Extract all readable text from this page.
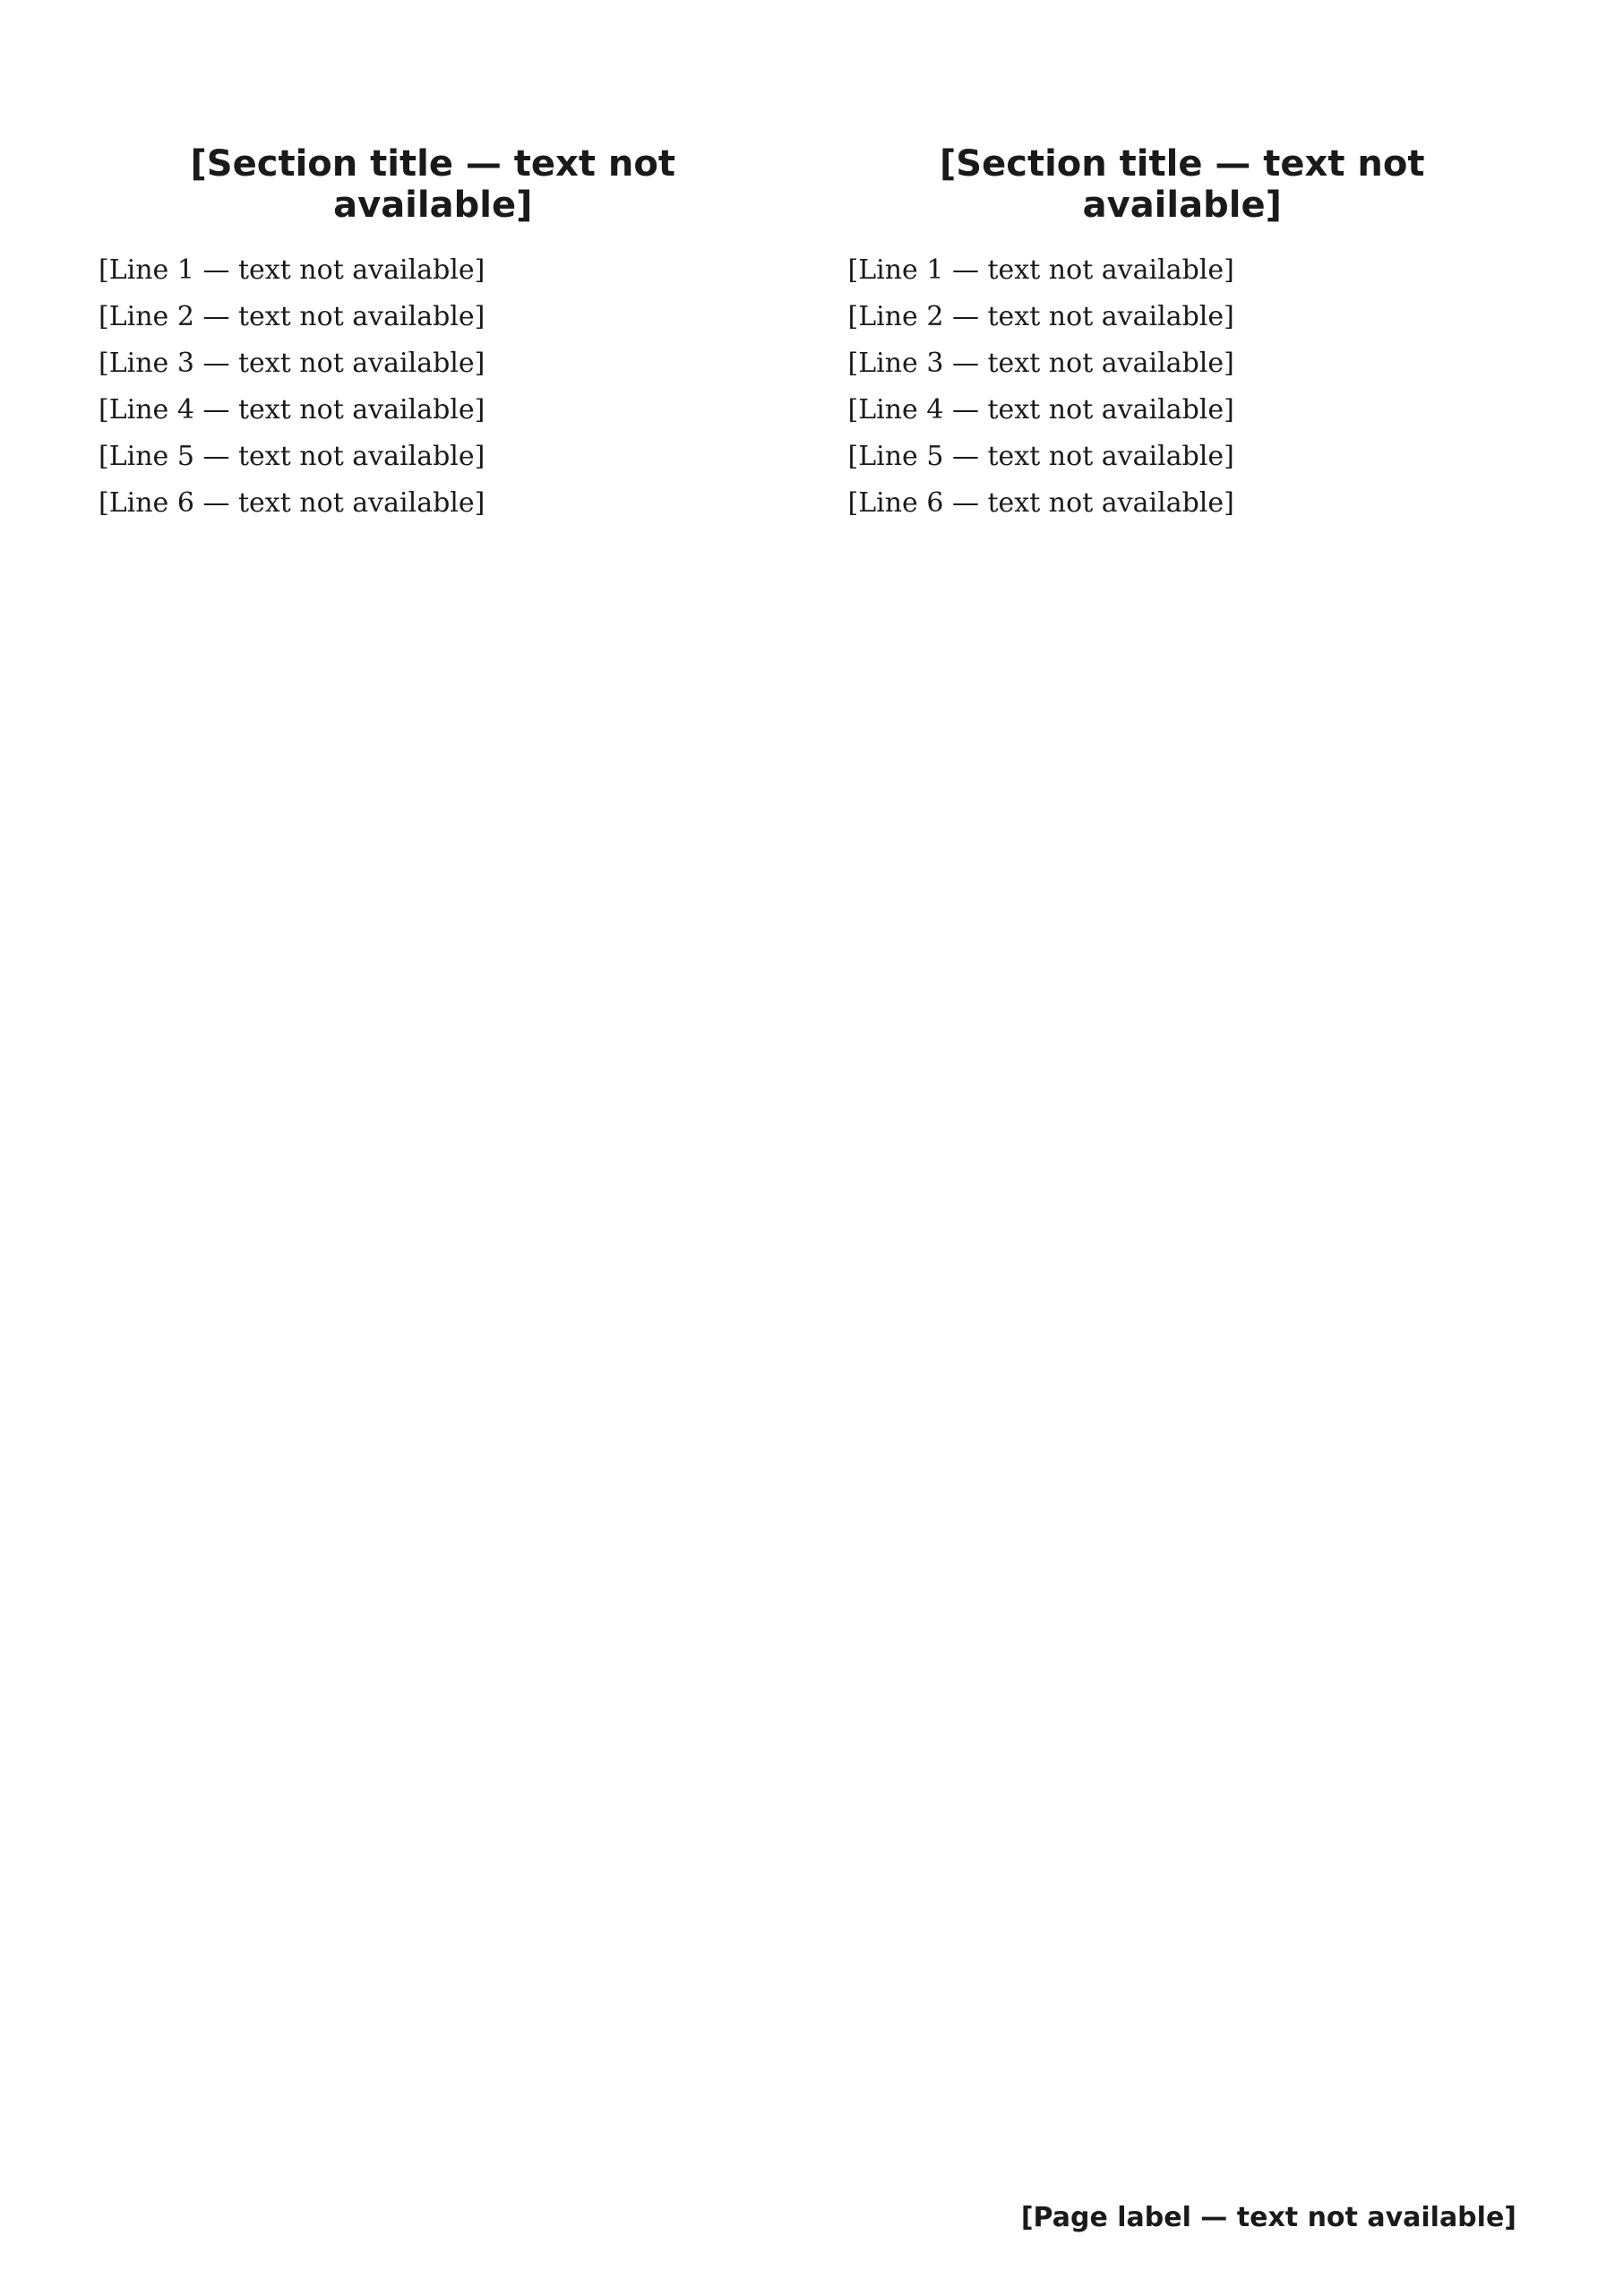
[Section title — text not available]

[Line 1 — text not available]

[Line 2 — text not available]

[Line 3 — text not available]

[Line 4 — text not available]

[Line 5 — text not available]

[Line 6 — text not available]

[Section title — text not available]

[Line 1 — text not available]

[Line 2 — text not available]

[Line 3 — text not available]

[Line 4 — text not available]

[Line 5 — text not available]

[Line 6 — text not available]

[Page label — text not available]
